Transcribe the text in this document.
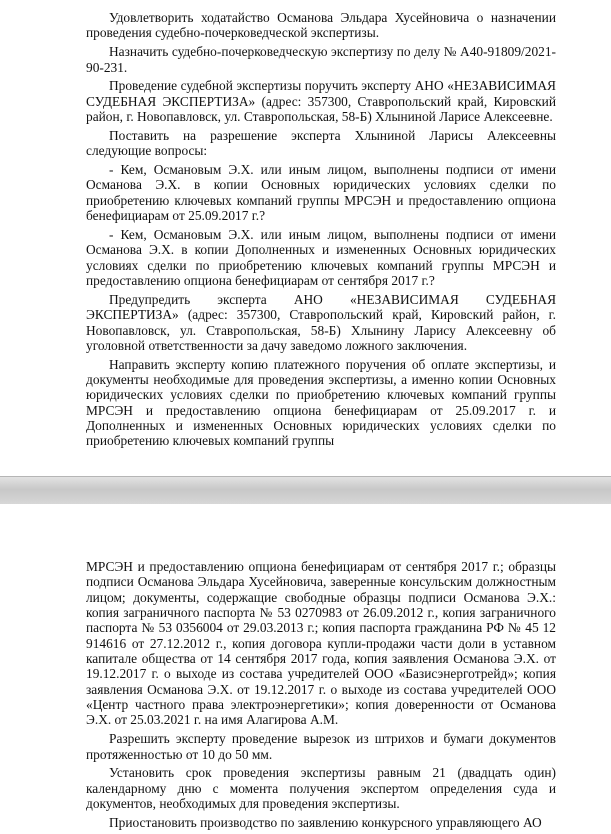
Удовлетворить ходатайство Османова Эльдара Хусейновича о назначении проведения судебно-почерковедческой экспертизы.

Назначить судебно-почерковедческую экспертизу по делу № А40-91809/2021-90-231.

Проведение судебной экспертизы поручить эксперту АНО «НЕЗАВИСИМАЯ СУДЕБНАЯ ЭКСПЕРТИЗА» (адрес: 357300, Ставропольский край, Кировский район, г. Новопавловск, ул. Ставропольская, 58-Б) Хлыниной Ларисе Алексеевне.

Поставить на разрешение эксперта Хлыниной Ларисы Алексеевны следующие вопросы:

- Кем, Османовым Э.Х. или иным лицом, выполнены подписи от имени Османова Э.Х. в копии Основных юридических условиях сделки по приобретению ключевых компаний группы МРСЭН и предоставлению опциона бенефициарам от 25.09.2017 г.?

- Кем, Османовым Э.Х. или иным лицом, выполнены подписи от имени Османова Э.Х. в копии Дополненных и измененных Основных юридических условиях сделки по приобретению ключевых компаний группы МРСЭН и предоставлению опциона бенефициарам от сентября 2017 г.?

Предупредить эксперта АНО «НЕЗАВИСИМАЯ СУДЕБНАЯ ЭКСПЕРТИЗА» (адрес: 357300, Ставропольский край, Кировский район, г. Новопавловск, ул. Ставропольская, 58-Б) Хлынину Ларису Алексеевну об уголовной ответственности за дачу заведомо ложного заключения.

Направить эксперту копию платежного поручения об оплате экспертизы, и документы необходимые для проведения экспертизы, а именно копии Основных юридических условиях сделки по приобретению ключевых компаний группы МРСЭН и предоставлению опциона бенефициарам от 25.09.2017 г. и Дополненных и измененных Основных юридических условиях сделки по приобретению ключевых компаний группы

МРСЭН и предоставлению опциона бенефициарам от сентября 2017 г.; образцы подписи Османова Эльдара Хусейновича, заверенные консульским должностным лицом; документы, содержащие свободные образцы подписи Османова Э.Х.: копия заграничного паспорта № 53 0270983 от 26.09.2012 г., копия заграничного паспорта № 53 0356004 от 29.03.2013 г.; копия паспорта гражданина РФ № 45 12 914616 от 27.12.2012 г., копия договора купли-продажи части доли в уставном капитале общества от 14 сентября 2017 года, копия заявления Османова Э.Х. от 19.12.2017 г. о выходе из состава учредителей ООО «Базисэнерготрейд»; копия заявления Османова Э.Х. от 19.12.2017 г. о выходе из состава учредителей ООО «Центр частного права электроэнергетики»; копия доверенности от Османова Э.Х. от 25.03.2021 г. на имя Алагирова А.М.

Разрешить эксперту проведение вырезок из штрихов и бумаги документов протяженностью от 10 до 50 мм.

Установить срок проведения экспертизы равным 21 (двадцать один) календарному дню с момента получения экспертом определения суда и документов, необходимых для проведения экспертизы.

Приостановить производство по заявлению конкурсного управляющего АО
